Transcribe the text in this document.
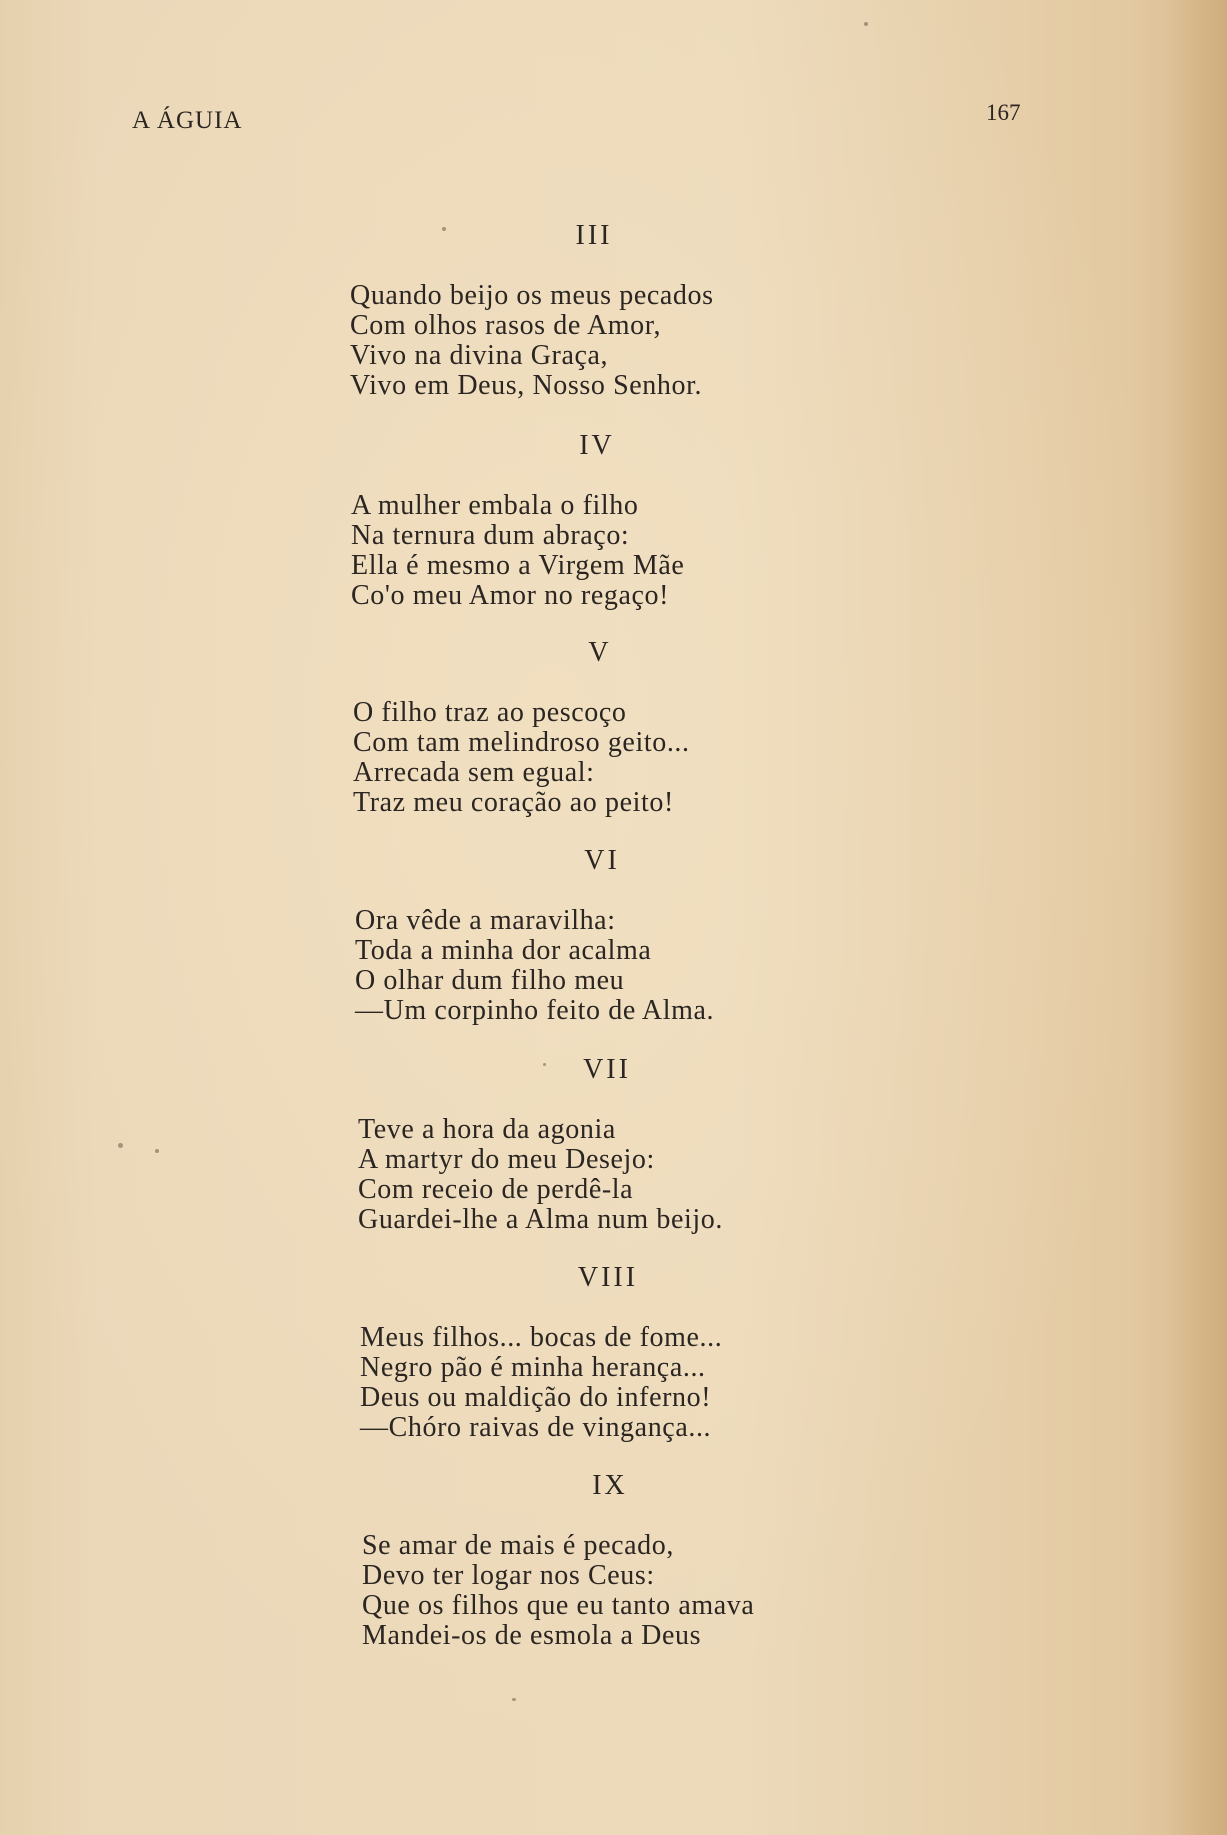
A ÁGUIA	167
III
Quando beijo os meus pecados
Com olhos rasos de Amor,
Vivo na divina Graça,
Vivo em Deus, Nosso Senhor.
IV
A mulher embala o filho
Na ternura dum abraço:
Ella é mesmo a Virgem Mãe
Co'o meu Amor no regaço!
V
O filho traz ao pescoço
Com tam melindroso geito...
Arrecada sem egual:
Traz meu coração ao peito!
VI
Ora vêde a maravilha:
Toda a minha dor acalma
O olhar dum filho meu
—Um corpinho feito de Alma.
VII
Teve a hora da agonia
A martyr do meu Desejo:
Com receio de perdê-la
Guardei-lhe a Alma num beijo.
VIII
Meus filhos... bocas de fome...
Negro pão é minha herança...
Deus ou maldição do inferno!
—Chóro raivas de vingança...
IX
Se amar de mais é pecado,
Devo ter logar nos Ceus:
Que os filhos que eu tanto amava
Mandei-os de esmola a Deus
